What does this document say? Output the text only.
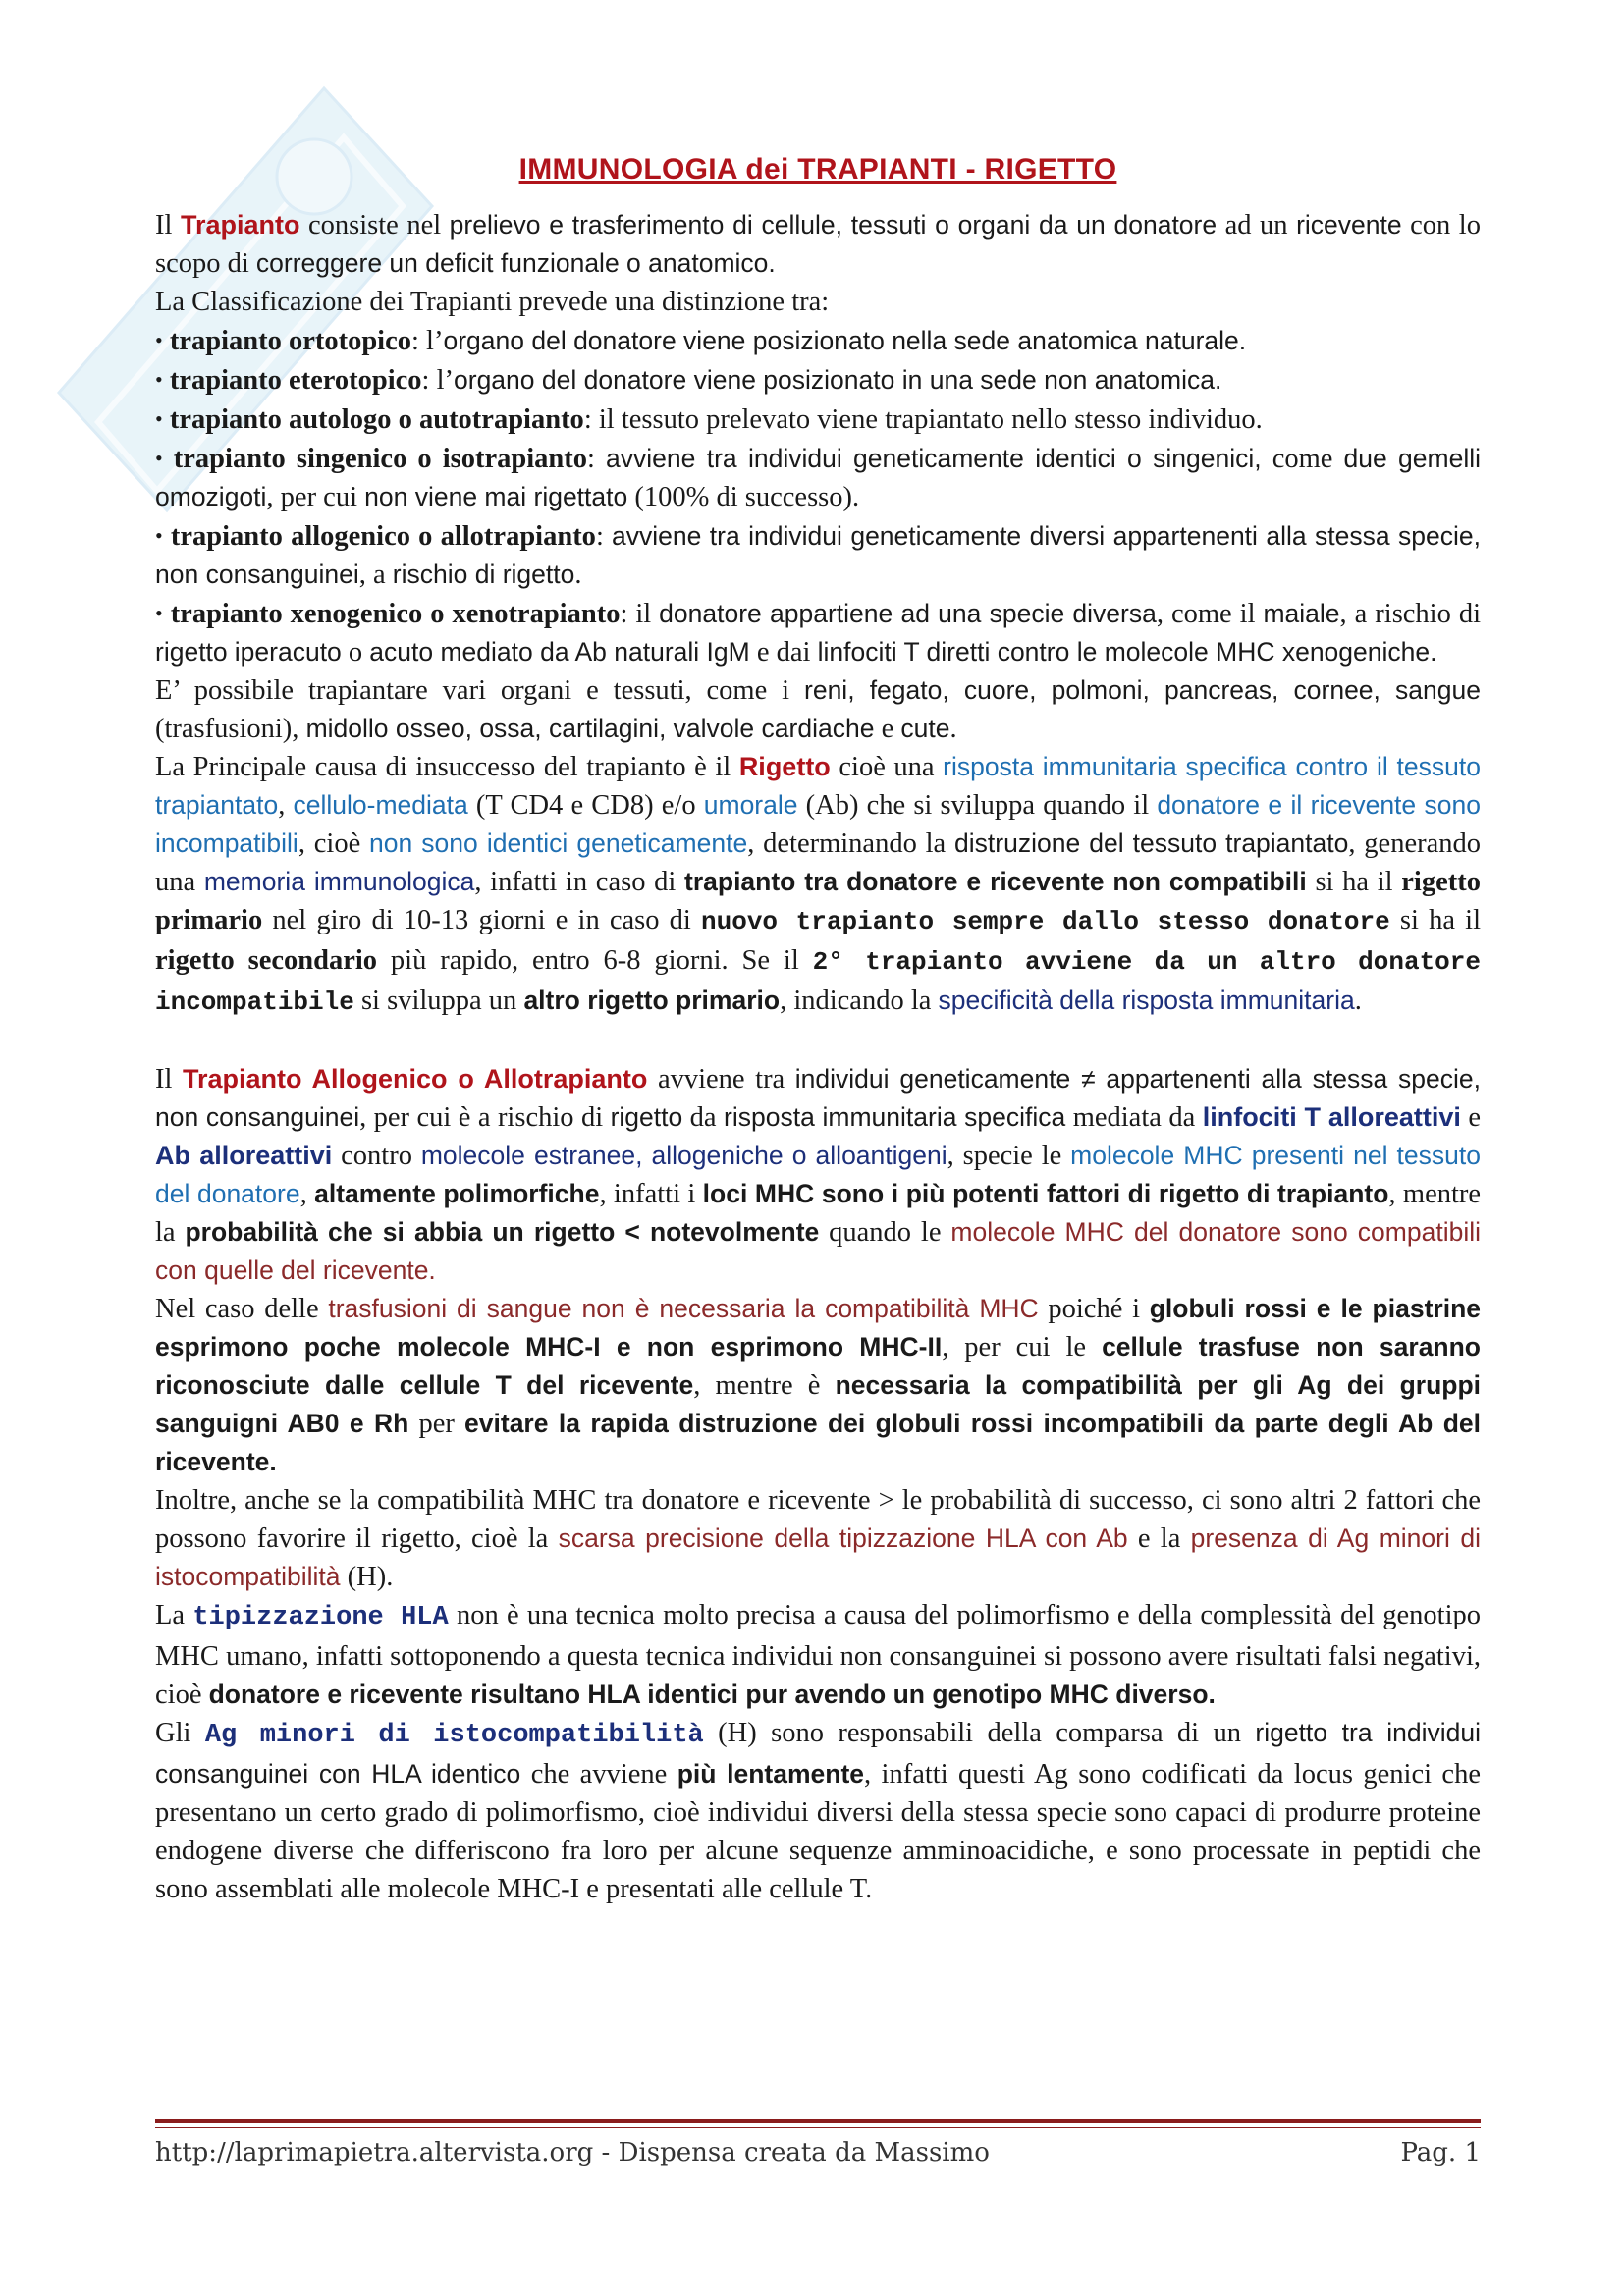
IMMUNOLOGIA dei TRAPIANTI - RIGETTO

Il Trapianto consiste nel prelievo e trasferimento di cellule, tessuti o organi da un donatore ad un ricevente con lo scopo di correggere un deficit funzionale o anatomico.

La Classificazione dei Trapianti prevede una distinzione tra:

• trapianto ortotopico: l’organo del donatore viene posizionato nella sede anatomica naturale.

• trapianto eterotopico: l’organo del donatore viene posizionato in una sede non anatomica.

• trapianto autologo o autotrapianto: il tessuto prelevato viene trapiantato nello stesso individuo.

• trapianto singenico o isotrapianto: avviene tra individui geneticamente identici o singenici, come due gemelli omozigoti, per cui non viene mai rigettato (100% di successo).

• trapianto allogenico o allotrapianto: avviene tra individui geneticamente diversi appartenenti alla stessa specie, non consanguinei, a rischio di rigetto.

• trapianto xenogenico o xenotrapianto: il donatore appartiene ad una specie diversa, come il maiale, a rischio di rigetto iperacuto o acuto mediato da Ab naturali IgM e dai linfociti T diretti contro le molecole MHC xenogeniche.

E’ possibile trapiantare vari organi e tessuti, come i reni, fegato, cuore, polmoni, pancreas, cornee, sangue (trasfusioni), midollo osseo, ossa, cartilagini, valvole cardiache e cute.

La Principale causa di insuccesso del trapianto è il Rigetto cioè una risposta immunitaria specifica contro il tessuto trapiantato, cellulo-mediata (T CD4 e CD8) e/o umorale (Ab) che si sviluppa quando il donatore e il ricevente sono incompatibili, cioè non sono identici geneticamente, determinando la distruzione del tessuto trapiantato, generando una memoria immunologica, infatti in caso di trapianto tra donatore e ricevente non compatibili si ha il rigetto primario nel giro di 10-13 giorni e in caso di nuovo trapianto sempre dallo stesso donatore si ha il rigetto secondario più rapido, entro 6-8 giorni. Se il 2° trapianto avviene da un altro donatore incompatibile si sviluppa un altro rigetto primario, indicando la specificità della risposta immunitaria.

Il Trapianto Allogenico o Allotrapianto avviene tra individui geneticamente ≠ appartenenti alla stessa specie, non consanguinei, per cui è a rischio di rigetto da risposta immunitaria specifica mediata da linfociti T alloreattivi e Ab alloreattivi contro molecole estranee, allogeniche o alloantigeni, specie le molecole MHC presenti nel tessuto del donatore, altamente polimorfiche, infatti i loci MHC sono i più potenti fattori di rigetto di trapianto, mentre la probabilità che si abbia un rigetto < notevolmente quando le molecole MHC del donatore sono compatibili con quelle del ricevente.

Nel caso delle trasfusioni di sangue non è necessaria la compatibilità MHC poiché i globuli rossi e le piastrine esprimono poche molecole MHC-I e non esprimono MHC-II, per cui le cellule trasfuse non saranno riconosciute dalle cellule T del ricevente, mentre è necessaria la compatibilità per gli Ag dei gruppi sanguigni AB0 e Rh per evitare la rapida distruzione dei globuli rossi incompatibili da parte degli Ab del ricevente.

Inoltre, anche se la compatibilità MHC tra donatore e ricevente > le probabilità di successo, ci sono altri 2 fattori che possono favorire il rigetto, cioè la scarsa precisione della tipizzazione HLA con Ab e la presenza di Ag minori di istocompatibilità (H).

La tipizzazione HLA non è una tecnica molto precisa a causa del polimorfismo e della complessità del genotipo MHC umano, infatti sottoponendo a questa tecnica individui non consanguinei si possono avere risultati falsi negativi, cioè donatore e ricevente risultano HLA identici pur avendo un genotipo MHC diverso.

Gli Ag minori di istocompatibilità (H) sono responsabili della comparsa di un rigetto tra individui consanguinei con HLA identico che avviene più lentamente, infatti questi Ag sono codificati da locus genici che presentano un certo grado di polimorfismo, cioè individui diversi della stessa specie sono capaci di produrre proteine endogene diverse che differiscono fra loro per alcune sequenze amminoacidiche, e sono processate in peptidi che sono assemblati alle molecole MHC-I e presentati alle cellule T.

http://laprimapietra.altervista.org - Dispensa creata da Massimo	Pag. 1
